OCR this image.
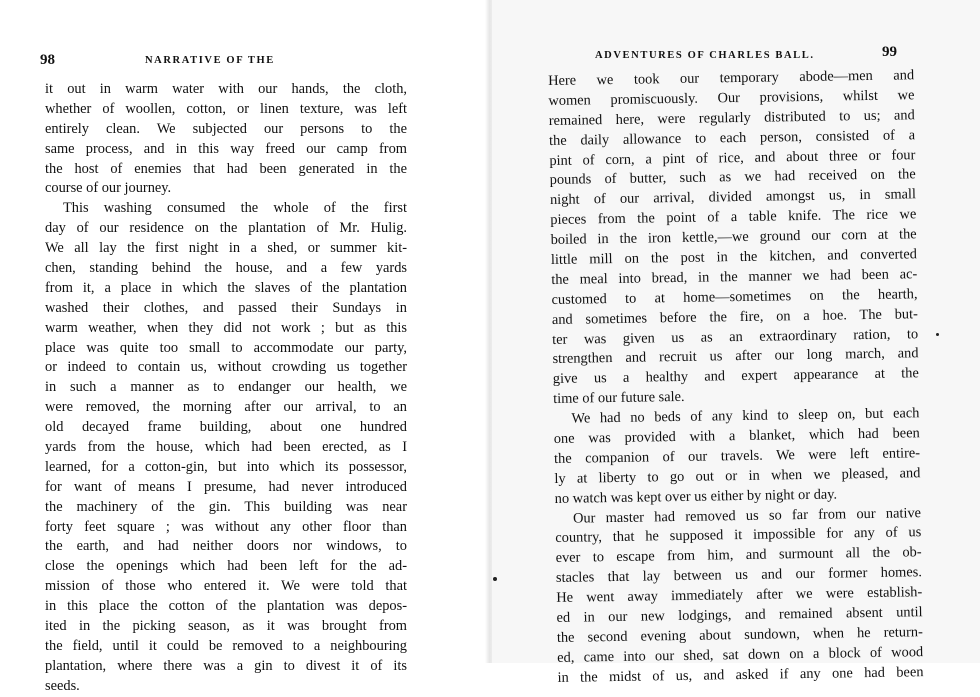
98	NARRATIVE OF THE
it out in warm water with our hands, the cloth,
whether of woollen, cotton, or linen texture, was left
entirely clean. We subjected our persons to the
same process, and in this way freed our camp from
the host of enemies that had been generated in the
course of our journey.
This washing consumed the whole of the first
day of our residence on the plantation of Mr. Hulig.
We all lay the first night in a shed, or summer kit-
chen, standing behind the house, and a few yards
from it, a place in which the slaves of the plantation
washed their clothes, and passed their Sundays in
warm weather, when they did not work ; but as this
place was quite too small to accommodate our party,
or indeed to contain us, without crowding us together
in such a manner as to endanger our health, we
were removed, the morning after our arrival, to an
old decayed frame building, about one hundred
yards from the house, which had been erected, as I
learned, for a cotton-gin, but into which its possessor,
for want of means I presume, had never introduced
the machinery of the gin. This building was near
forty feet square ; was without any other floor than
the earth, and had neither doors nor windows, to
close the openings which had been left for the ad-
mission of those who entered it. We were told that
in this place the cotton of the plantation was depos-
ited in the picking season, as it was brought from
the field, until it could be removed to a neighbouring
plantation, where there was a gin to divest it of its
seeds.
ADVENTURES OF CHARLES BALL.	99
Here we took our temporary abode—men and
women promiscuously. Our provisions, whilst we
remained here, were regularly distributed to us; and
the daily allowance to each person, consisted of a
pint of corn, a pint of rice, and about three or four
pounds of butter, such as we had received on the
night of our arrival, divided amongst us, in small
pieces from the point of a table knife. The rice we
boiled in the iron kettle,—we ground our corn at the
little mill on the post in the kitchen, and converted
the meal into bread, in the manner we had been ac-
customed to at home—sometimes on the hearth,
and sometimes before the fire, on a hoe. The but-
ter was given us as an extraordinary ration, to
strengthen and recruit us after our long march, and
give us a healthy and expert appearance at the
time of our future sale.
We had no beds of any kind to sleep on, but each
one was provided with a blanket, which had been
the companion of our travels. We were left entire-
ly at liberty to go out or in when we pleased, and
no watch was kept over us either by night or day.
Our master had removed us so far from our native
country, that he supposed it impossible for any of us
ever to escape from him, and surmount all the ob-
stacles that lay between us and our former homes.
He went away immediately after we were establish-
ed in our new lodgings, and remained absent until
the second evening about sundown, when he return-
ed, came into our shed, sat down on a block of wood
in the midst of us, and asked if any one had been
